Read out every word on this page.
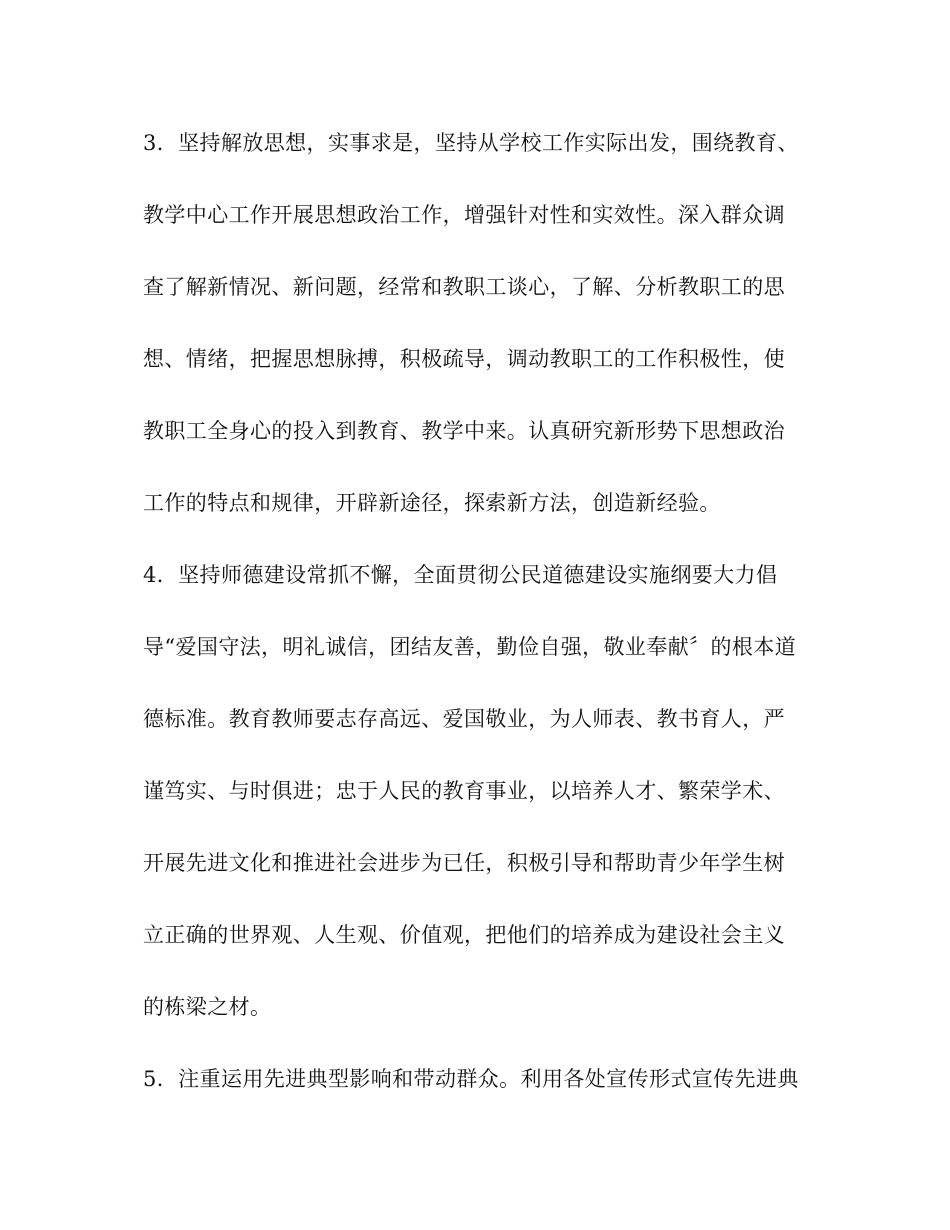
3．坚持解放思想，实事求是，坚持从学校工作实际出发，围绕教育、
教学中心工作开展思想政治工作，增强针对性和实效性。深入群众调
查了解新情况、新问题，经常和教职工谈心，了解、分析教职工的思
想、情绪，把握思想脉搏，积极疏导，调动教职工的工作积极性，使
教职工全身心的投入到教育、教学中来。认真研究新形势下思想政治
工作的特点和规律，开辟新途径，探索新方法，创造新经验。
4．坚持师德建设常抓不懈，全面贯彻公民道德建设实施纲要大力倡
导“爱国守法，明礼诚信，团结友善，勤俭自强，敬业奉献〞的根本道
德标准。教育教师要志存高远、爱国敬业，为人师表、教书育人，严
谨笃实、与时俱进；忠于人民的教育事业，以培养人才、繁荣学术、
开展先进文化和推进社会进步为已任，积极引导和帮助青少年学生树
立正确的世界观、人生观、价值观，把他们的培养成为建设社会主义
的栋梁之材。
5．注重运用先进典型影响和带动群众。利用各处宣传形式宣传先进典
